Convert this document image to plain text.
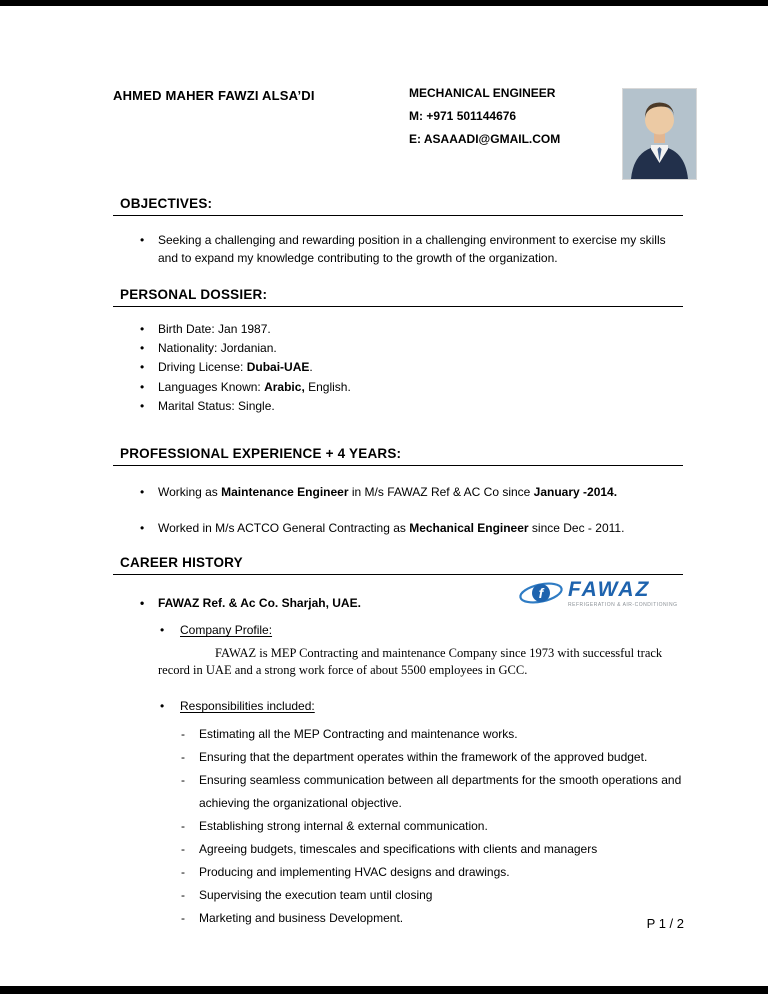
AHMED MAHER FAWZI ALSA’DI	MECHANICAL ENGINEER
M: +971 501144676
E: ASAAADI@GMAIL.COM
OBJECTIVES:
• Seeking a challenging and rewarding position in a challenging environment to exercise my skills and to expand my knowledge contributing to the growth of the organization.
PERSONAL DOSSIER:
• Birth Date: Jan 1987.
• Nationality: Jordanian.
• Driving License: Dubai-UAE.
• Languages Known: Arabic, English.
• Marital Status: Single.
PROFESSIONAL EXPERIENCE + 4 YEARS:
• Working as Maintenance Engineer in M/s FAWAZ Ref & AC Co since January -2014.
• Worked in M/s ACTCO General Contracting as Mechanical Engineer since Dec - 2011.
CAREER HISTORY
• FAWAZ Ref. & Ac Co. Sharjah, UAE.
• Company Profile:

FAWAZ is MEP Contracting and maintenance Company since 1973 with successful track record in UAE and a strong work force of about 5500 employees in GCC.

• Responsibilities included:
- Estimating all the MEP Contracting and maintenance works.
- Ensuring that the department operates within the framework of the approved budget.
- Ensuring seamless communication between all departments for the smooth operations and achieving the organizational objective.
- Establishing strong internal & external communication.
- Agreeing budgets, timescales and specifications with clients and managers
- Producing and implementing HVAC designs and drawings.
- Supervising the execution team until closing
- Marketing and business Development.
f FAWAZ
REFRIGERATION & AIR-CONDITIONING
P 1 / 2
